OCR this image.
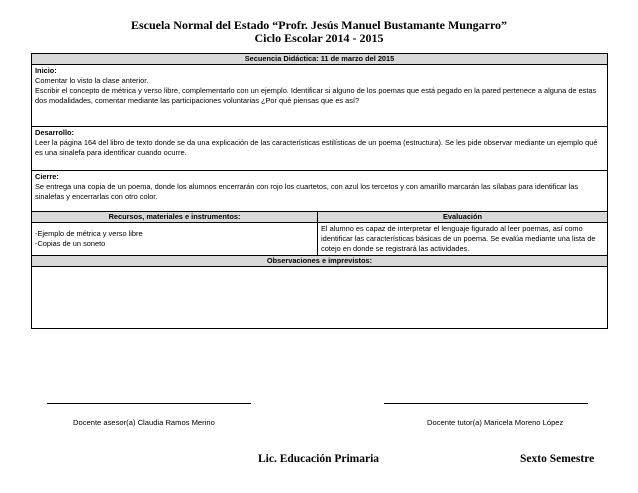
Escuela Normal del Estado “Profr. Jesús Manuel Bustamante Mungarro”
Ciclo Escolar 2014 - 2015
Secuencia Didáctica: 11 de marzo del 2015	

Inicio:
Comentar lo visto la clase anterior.
Escribir el concepto de métrica y verso libre, complementarlo con un ejemplo. Identificar si alguno de los poemas que está pegado en la pared pertenece a alguna de estas dos modalidades, comentar mediante las participaciones voluntarias ¿Por qué piensas que es así?	

Desarrollo:
Leer la página 164 del libro de texto donde se da una explicación de las características estilísticas de un poema (estructura). Se les pide observar mediante un ejemplo qué es una sinalefa para identificar cuando ocurre.	

Cierre:
Se entrega una copia de un poema, donde los alumnos encerrarán con rojo los cuartetos, con azul los tercetos y con amarillo marcarán las sílabas para identificar las sinalefas y encerrarlas con otro color.	

Recursos, materiales e instrumentos:	Evaluación

-Ejemplo de métrica y verso libre
-Copias de un soneto	El alumno es capaz de interpretar el lenguaje figurado al leer poemas, así como identificar las características básicas de un poema. Se evalúa mediante una lista de cotejo en donde se registrará las actividades.
Observaciones e imprevistos:	

Docente asesor(a) Claudia Ramos Merino	Docente tutor(a) Maricela Moreno López
Lic. Educación Primaria	Sexto Semestre
